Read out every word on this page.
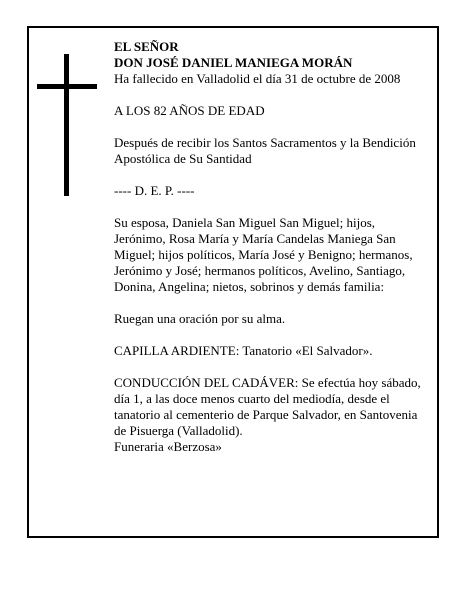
EL SEÑOR

DON JOSÉ DANIEL MANIEGA MORÁN

Ha fallecido en Valladolid el día 31 de octubre de 2008

A LOS 82 AÑOS DE EDAD

Después de recibir los Santos Sacramentos y la Bendición Apostólica de Su Santidad

---- D. E. P. ----

Su esposa, Daniela San Miguel San Miguel; hijos, Jerónimo, Rosa María y María Candelas Maniega San Miguel; hijos políticos, María José y Benigno; hermanos, Jerónimo y José; hermanos políticos, Avelino, Santiago, Donina, Angelina; nietos, sobrinos y demás familia:

Ruegan una oración por su alma.

CAPILLA ARDIENTE: Tanatorio «El Salvador».

CONDUCCIÓN DEL CADÁVER: Se efectúa hoy sábado, día 1, a las doce menos cuarto del mediodía, desde el tanatorio al cementerio de Parque Salvador, en Santovenia de Pisuerga (Valladolid).

Funeraria «Berzosa»
